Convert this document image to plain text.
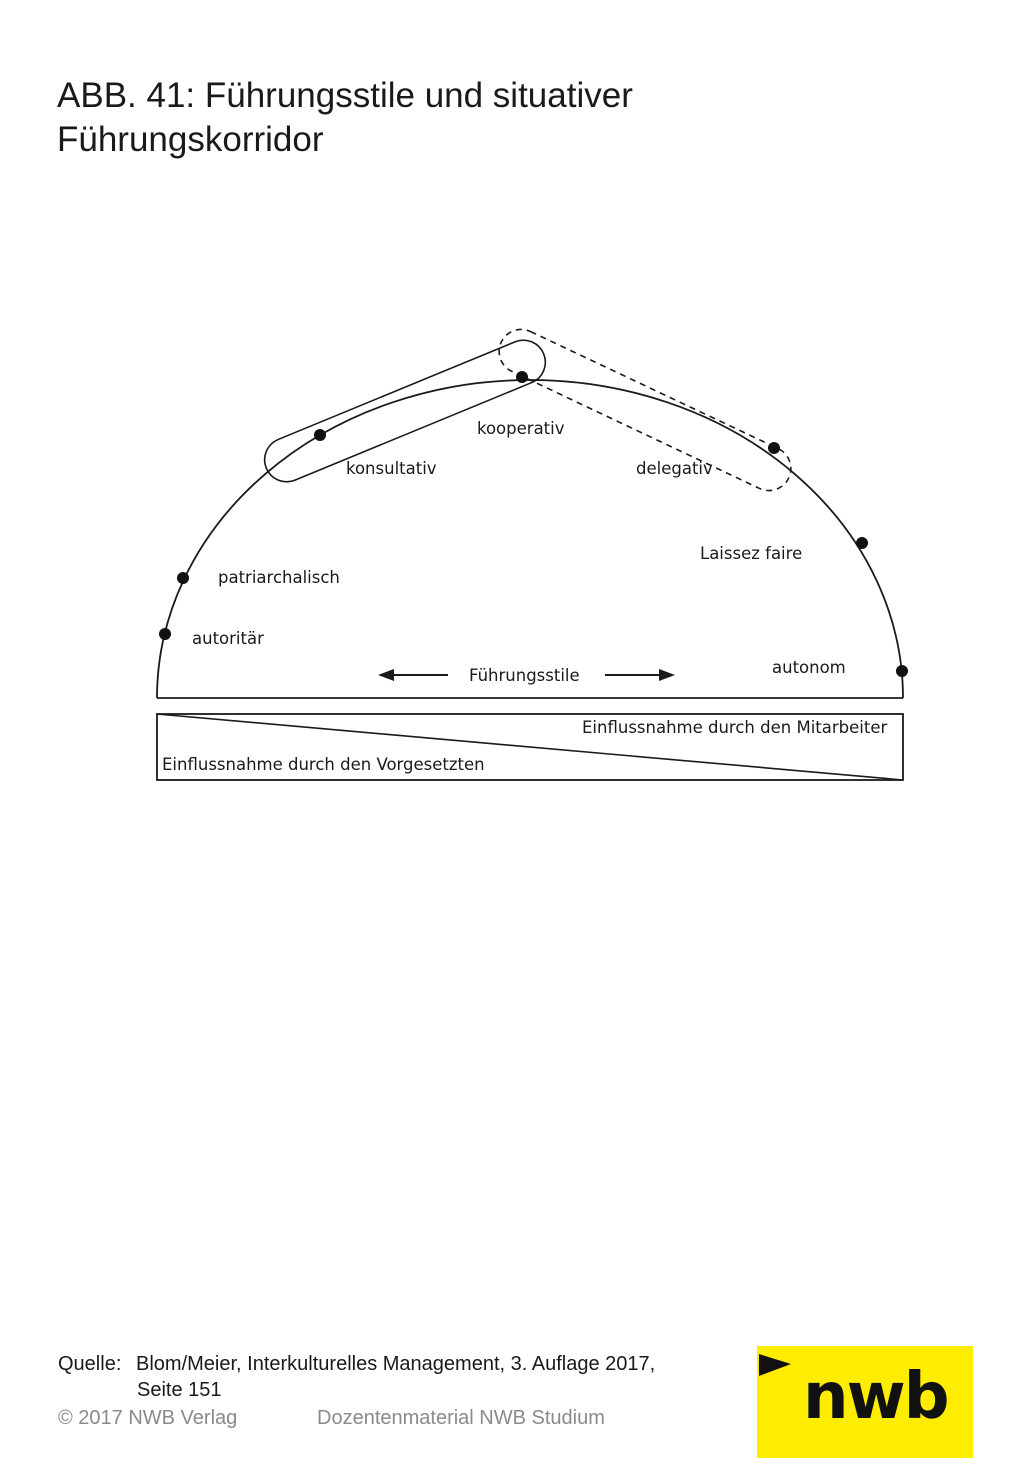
ABB. 41: Führungsstile und situativer
Führungskorridor
autoritär
patriarchalisch
konsultativ
kooperativ
delegativ
Laissez faire
autonom
Führungsstile
Einflussnahme durch den Mitarbeiter
Einflussnahme durch den Vorgesetzten
Quelle: Blom/Meier, Interkulturelles Management, 3. Auflage 2017,
Seite 151
© 2017 NWB Verlag	Dozentenmaterial NWB Studium	nwb
